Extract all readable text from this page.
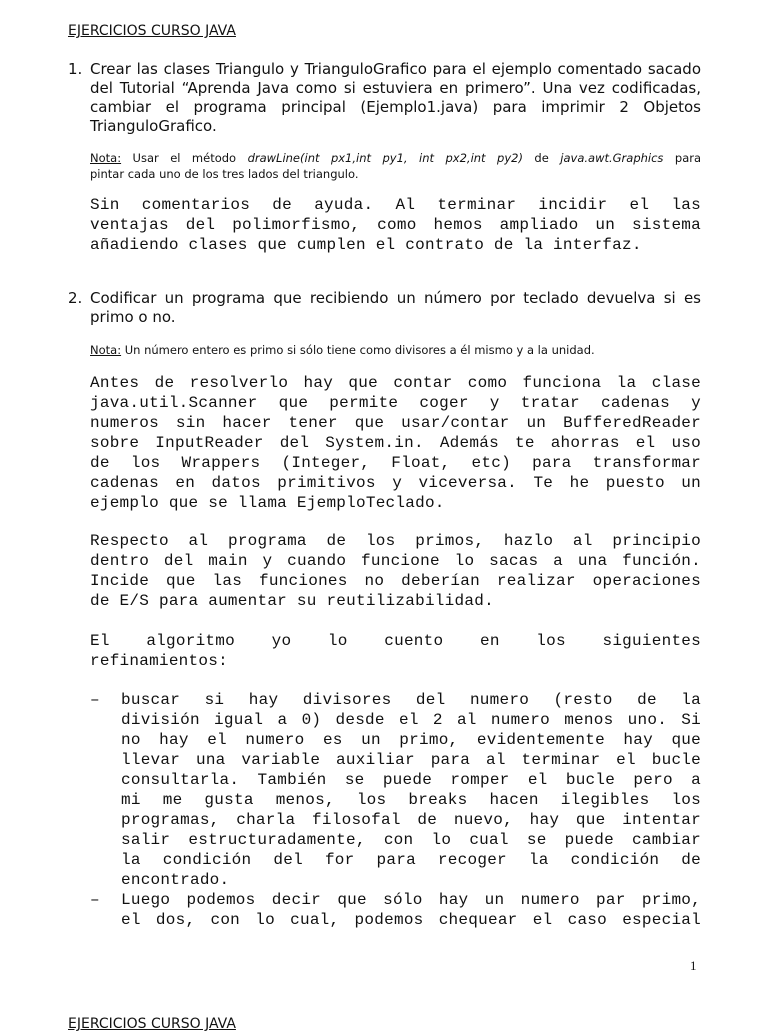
EJERCICIOS CURSO JAVA
1. Crear las clases Triangulo y TrianguloGrafico para el ejemplo comentado sacado
del Tutorial “Aprenda Java como si estuviera en primero”. Una vez codificadas,
cambiar el programa principal (Ejemplo1.java) para imprimir 2 Objetos
TrianguloGrafico.
Nota: Usar el método drawLine(int px1,int py1, int px2,int py2) de java.awt.Graphics para
pintar cada uno de los tres lados del triangulo.
Sin comentarios de ayuda. Al terminar incidir el las
ventajas del polimorfismo, como hemos ampliado un sistema
añadiendo clases que cumplen el contrato de la interfaz.
2. Codificar un programa que recibiendo un número por teclado devuelva si es
primo o no.
Nota: Un número entero es primo si sólo tiene como divisores a él mismo y a la unidad.
Antes de resolverlo hay que contar como funciona la clase
java.util.Scanner que permite coger y tratar cadenas y
numeros sin hacer tener que usar/contar un BufferedReader
sobre InputReader del System.in. Además te ahorras el uso
de los Wrappers (Integer, Float, etc) para transformar
cadenas en datos primitivos y viceversa. Te he puesto un
ejemplo que se llama EjemploTeclado.
Respecto al programa de los primos, hazlo al principio
dentro del main y cuando funcione lo sacas a una función.
Incide que las funciones no deberían realizar operaciones
de E/S para aumentar su reutilizabilidad.
El algoritmo yo lo cuento en los siguientes
refinamientos:
– buscar si hay divisores del numero (resto de la
división igual a 0) desde el 2 al numero menos uno. Si
no hay el numero es un primo, evidentemente hay que
llevar una variable auxiliar para al terminar el bucle
consultarla. También se puede romper el bucle pero a
mi me gusta menos, los breaks hacen ilegibles los
programas, charla filosofal de nuevo, hay que intentar
salir estructuradamente, con lo cual se puede cambiar
la condición del for para recoger la condición de
encontrado.
– Luego podemos decir que sólo hay un numero par primo,
el dos, con lo cual, podemos chequear el caso especial
1
EJERCICIOS CURSO JAVA
